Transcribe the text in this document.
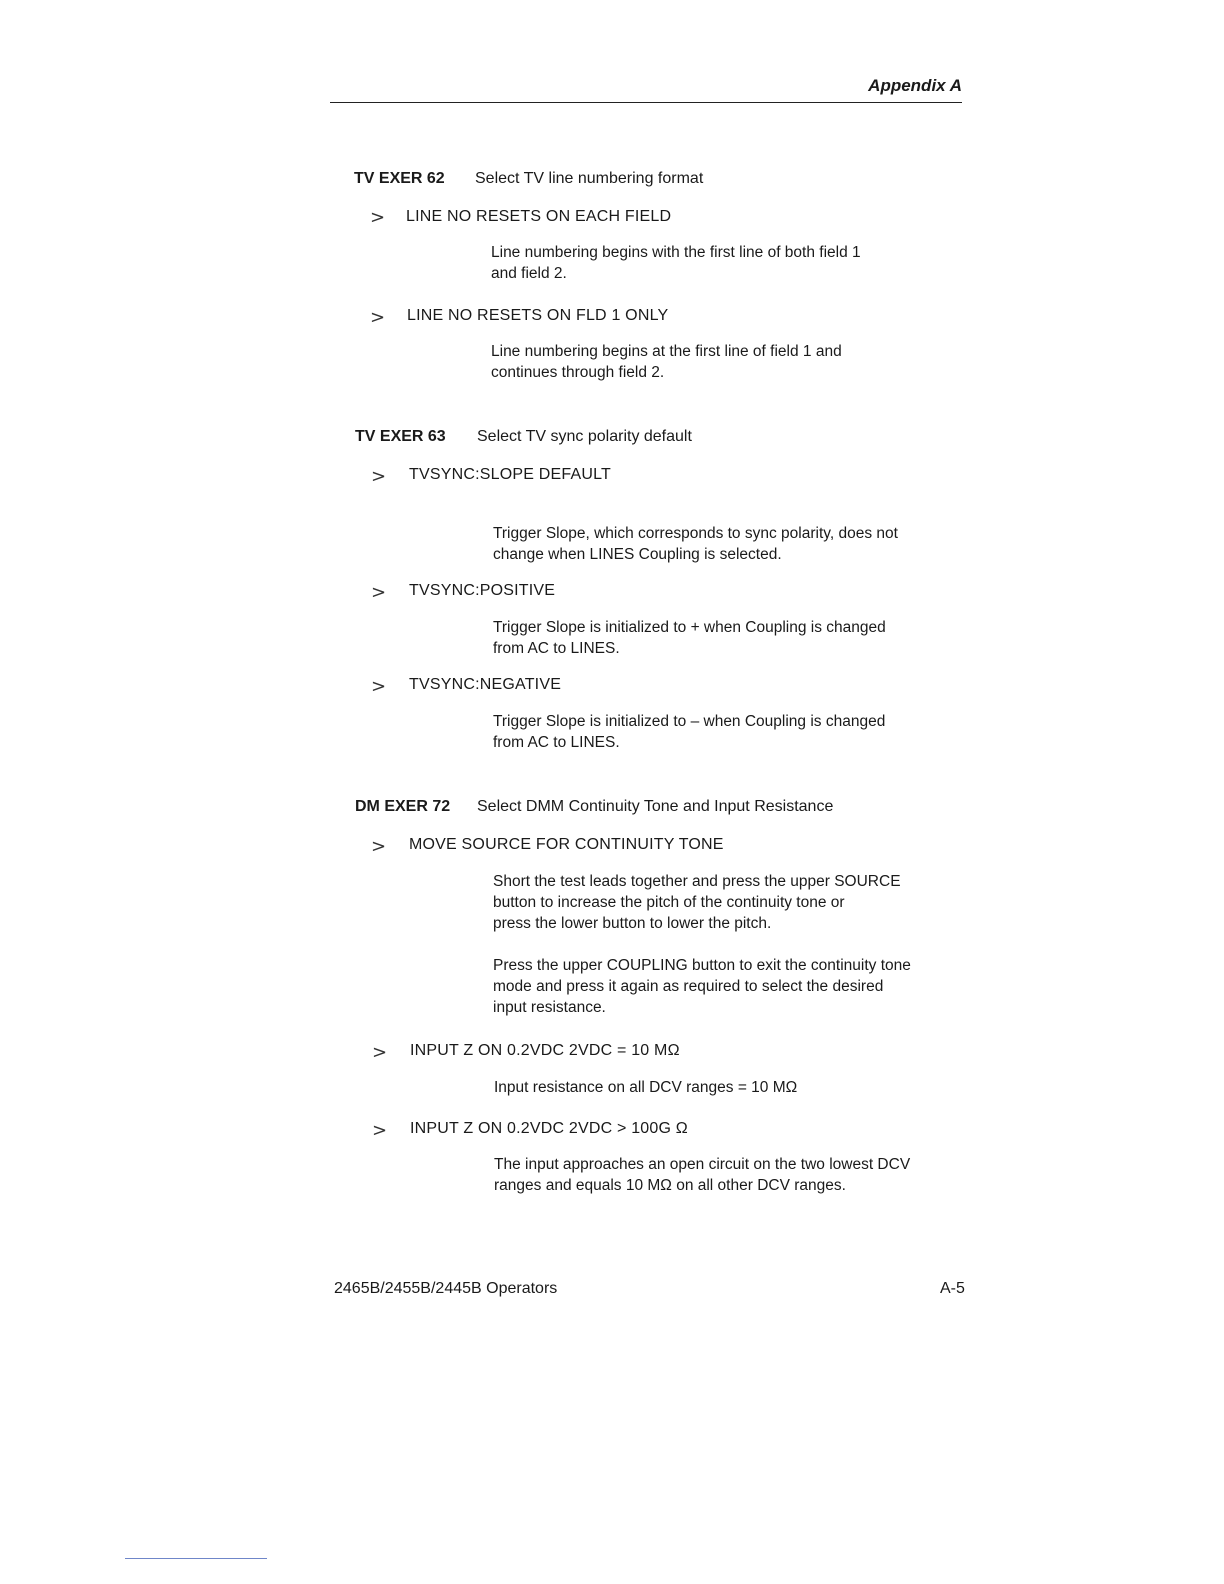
Appendix A
TV EXER 62 Select TV line numbering format
> LINE NO RESETS ON EACH FIELD
Line numbering begins with the first line of both field 1
and field 2.
> LINE NO RESETS ON FLD 1 ONLY
Line numbering begins at the first line of field 1 and
continues through field 2.
TV EXER 63 Select TV sync polarity default
> TVSYNC:SLOPE DEFAULT
Trigger Slope, which corresponds to sync polarity, does not
change when LINES Coupling is selected.
> TVSYNC:POSITIVE
Trigger Slope is initialized to + when Coupling is changed
from AC to LINES.
> TVSYNC:NEGATIVE
Trigger Slope is initialized to – when Coupling is changed
from AC to LINES.
DM EXER 72 Select DMM Continuity Tone and Input Resistance
> MOVE SOURCE FOR CONTINUITY TONE
Short the test leads together and press the upper SOURCE
button to increase the pitch of the continuity tone or
press the lower button to lower the pitch.
Press the upper COUPLING button to exit the continuity tone
mode and press it again as required to select the desired
input resistance.
> INPUT Z ON 0.2VDC 2VDC = 10 MΩ
Input resistance on all DCV ranges = 10 MΩ
> INPUT Z ON 0.2VDC 2VDC > 100G Ω
The input approaches an open circuit on the two lowest DCV
ranges and equals 10 MΩ on all other DCV ranges.
2465B/2455B/2445B Operators	A-5
